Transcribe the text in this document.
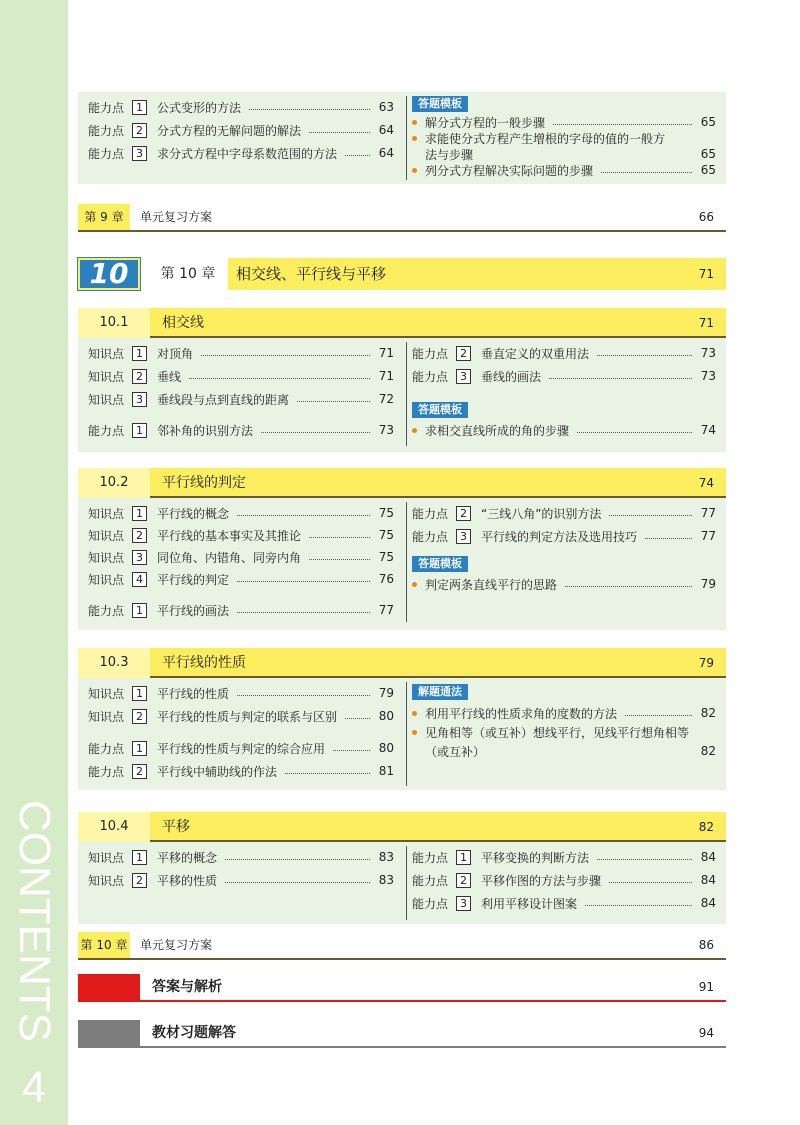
CONTENTS
4
能力点	1	公式变形的方法	63
能力点	2	分式方程的无解问题的解法	64
能力点	3	求分式方程中字母系数范围的方法	64
答题模板
解分式方程的一般步骤	65
求能使分式方程产生增根的字母的值的一般方
法与步骤	65
列分式方程解决实际问题的步骤	65
第 9 章	单元复习方案	66
10	第 10 章	相交线、平行线与平移	71
10.1	相交线	71
知识点	1	对顶角	71
知识点	2	垂线	71
知识点	3	垂线段与点到直线的距离	72
能力点	1	邻补角的识别方法	73
能力点	2	垂直定义的双重用法	73
能力点	3	垂线的画法	73
答题模板
求相交直线所成的角的步骤	74
10.2	平行线的判定	74
知识点	1	平行线的概念	75
知识点	2	平行线的基本事实及其推论	75
知识点	3	同位角、内错角、同旁内角	75
知识点	4	平行线的判定	76
能力点	1	平行线的画法	77
能力点	2	“三线八角”的识别方法	77
能力点	3	平行线的判定方法及选用技巧	77
答题模板
判定两条直线平行的思路	79
10.3	平行线的性质	79
知识点	1	平行线的性质	79
知识点	2	平行线的性质与判定的联系与区别	80
能力点	1	平行线的性质与判定的综合应用	80
能力点	2	平行线中辅助线的作法	81
解题通法
利用平行线的性质求角的度数的方法	82
见角相等（或互补）想线平行，见线平行想角相等
（或互补）	82
10.4	平移	82
知识点	1	平移的概念	83
知识点	2	平移的性质	83
能力点	1	平移变换的判断方法	84
能力点	2	平移作图的方法与步骤	84
能力点	3	利用平移设计图案	84
第 10 章 单元复习方案	86
答案与解析	91
教材习题解答	94
